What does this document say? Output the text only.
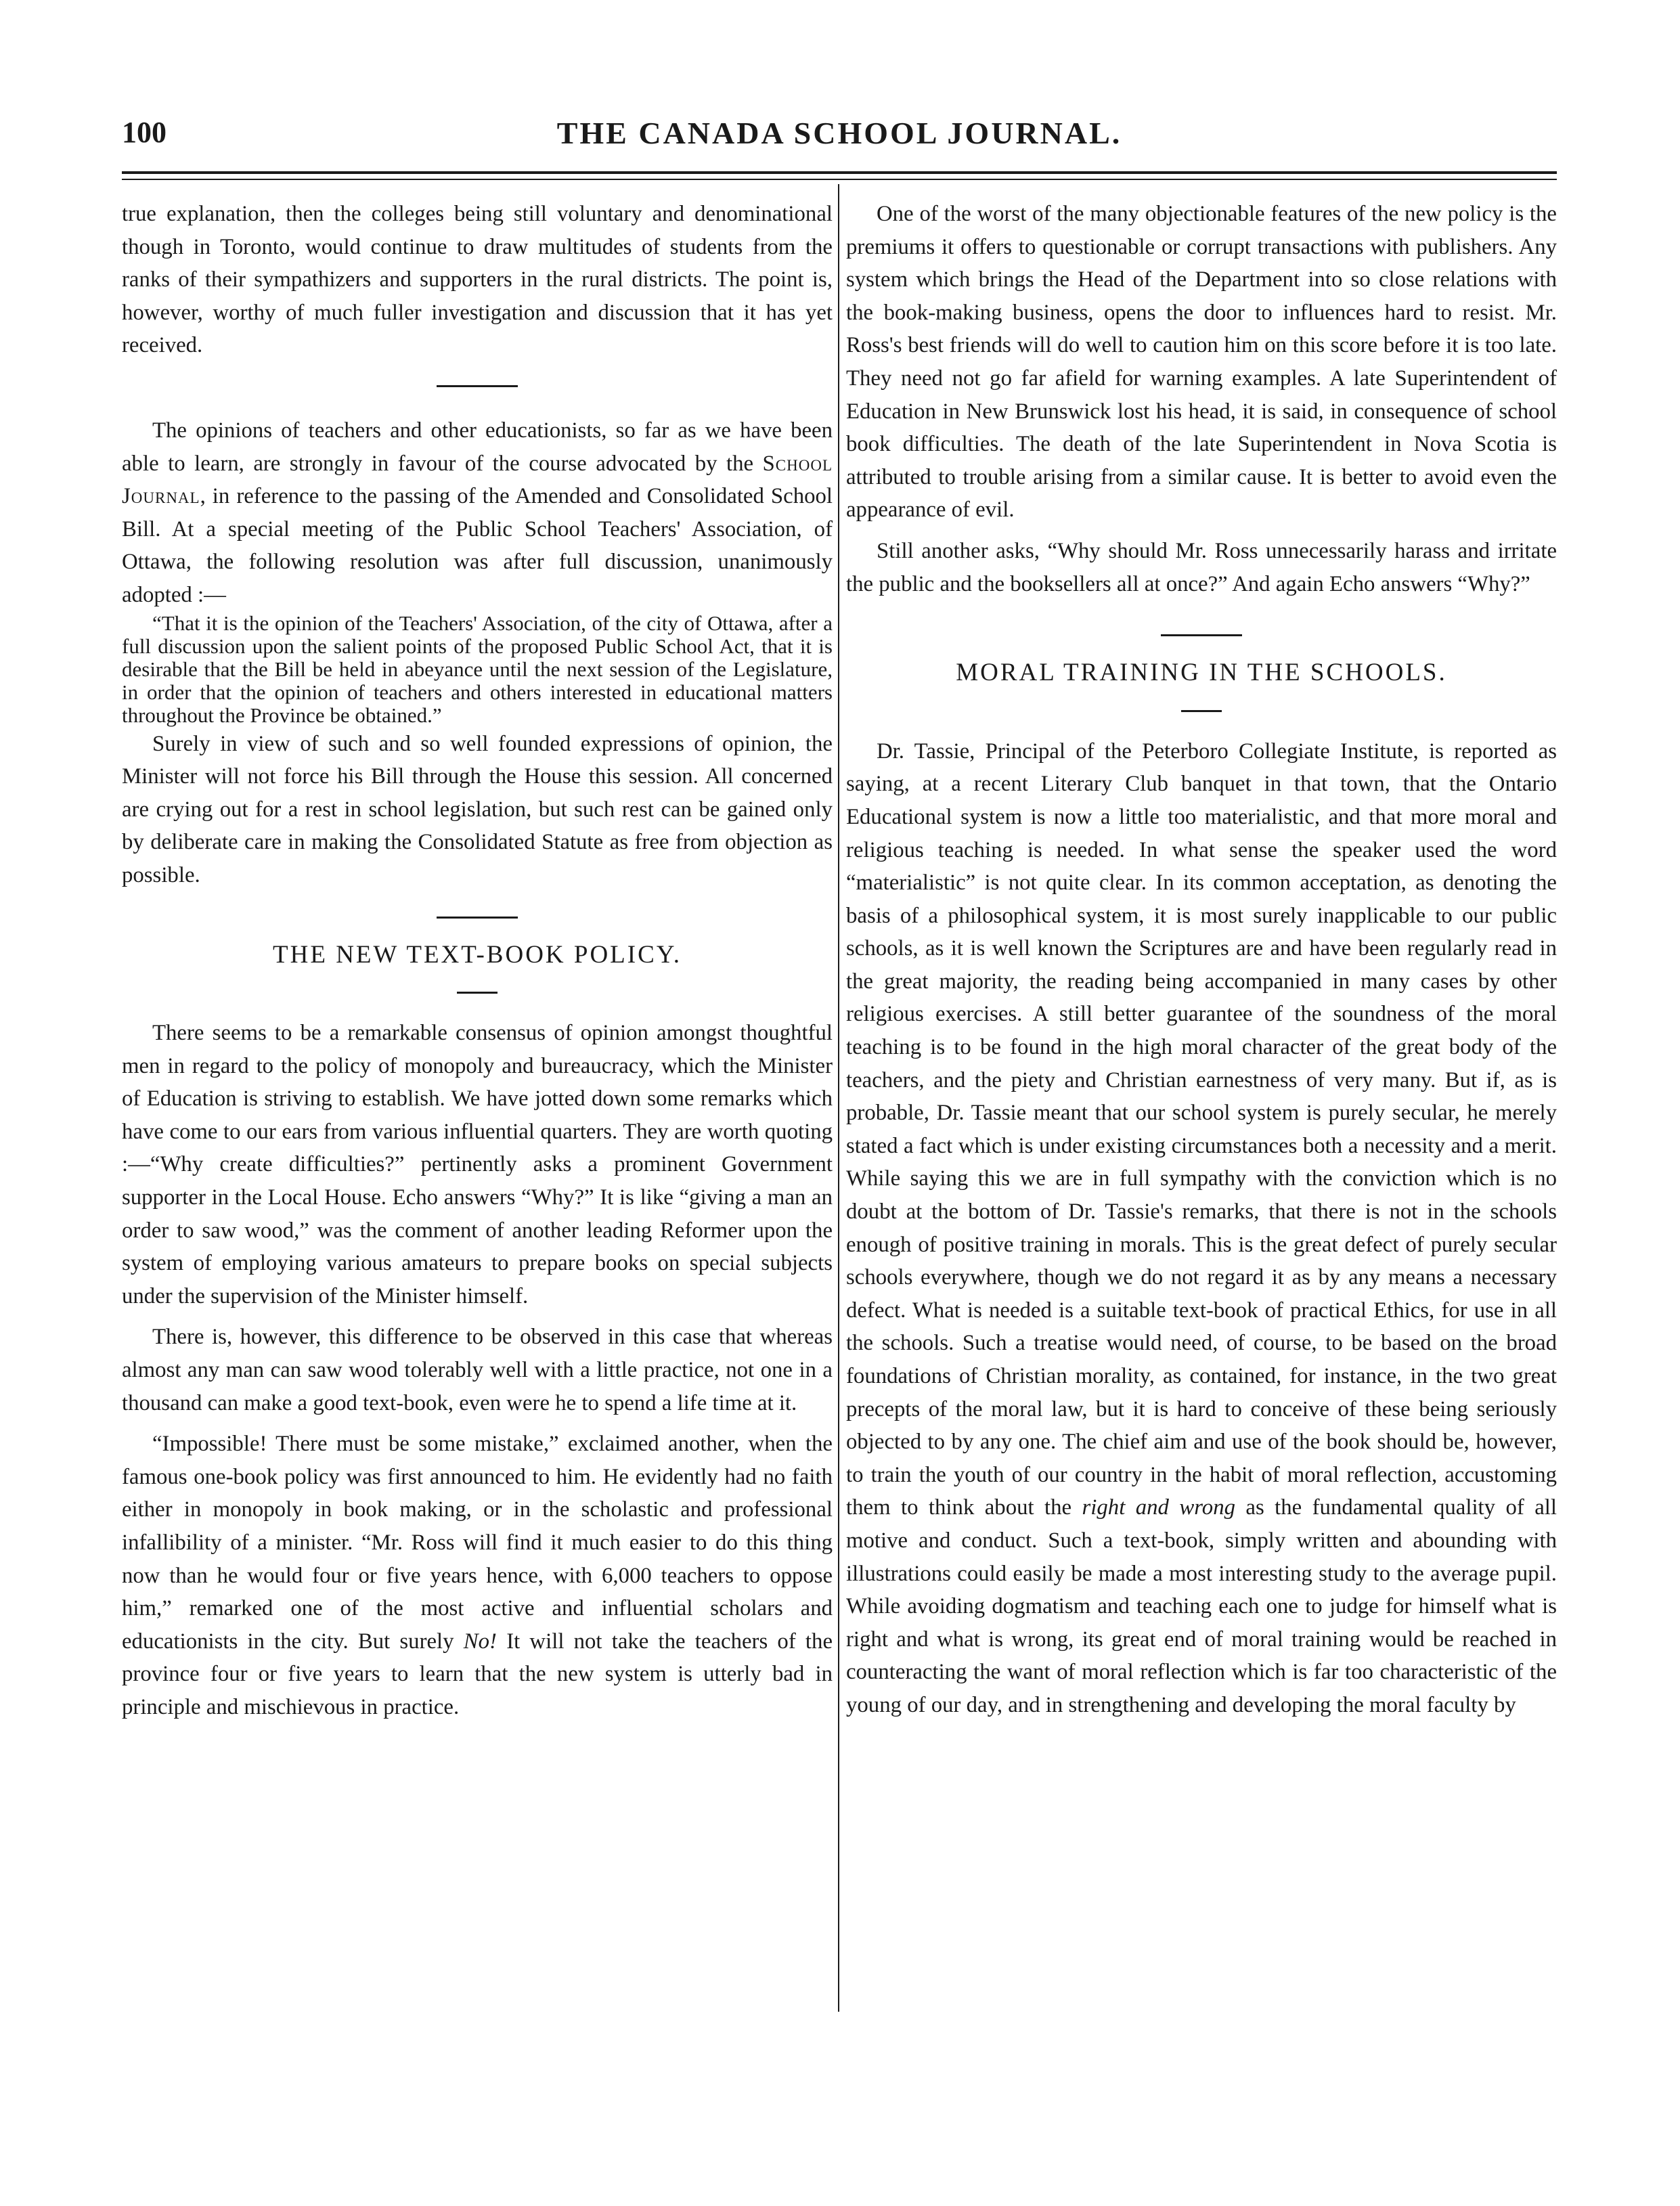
100	THE CANADA SCHOOL JOURNAL.

true explanation, then the colleges being still voluntary and denominational though in Toronto, would continue to draw multitudes of students from the ranks of their sympathizers and supporters in the rural districts. The point is, however, worthy of much fuller investigation and discussion that it has yet received.

The opinions of teachers and other educationists, so far as we have been able to learn, are strongly in favour of the course advocated by the School Journal, in reference to the passing of the Amended and Consolidated School Bill. At a special meeting of the Public School Teachers' Association, of Ottawa, the following resolution was after full discussion, unanimously adopted :—

“That it is the opinion of the Teachers' Association, of the city of Ottawa, after a full discussion upon the salient points of the proposed Public School Act, that it is desirable that the Bill be held in abeyance until the next session of the Legislature, in order that the opinion of teachers and others interested in educational matters throughout the Province be obtained.”

Surely in view of such and so well founded expressions of opinion, the Minister will not force his Bill through the House this session. All concerned are crying out for a rest in school legislation, but such rest can be gained only by deliberate care in making the Consolidated Statute as free from objection as possible.

THE NEW TEXT-BOOK POLICY.

There seems to be a remarkable consensus of opinion amongst thoughtful men in regard to the policy of monopoly and bureaucracy, which the Minister of Education is striving to establish. We have jotted down some remarks which have come to our ears from various influential quarters. They are worth quoting :—“Why create difficulties?” pertinently asks a prominent Government supporter in the Local House. Echo answers “Why?” It is like “giving a man an order to saw wood,” was the comment of another leading Reformer upon the system of employing various amateurs to prepare books on special subjects under the supervision of the Minister himself.

There is, however, this difference to be observed in this case that whereas almost any man can saw wood tolerably well with a little practice, not one in a thousand can make a good text-book, even were he to spend a life time at it.

“Impossible! There must be some mistake,” exclaimed another, when the famous one-book policy was first announced to him. He evidently had no faith either in monopoly in book making, or in the scholastic and professional infallibility of a minister. “Mr. Ross will find it much easier to do this thing now than he would four or five years hence, with 6,000 teachers to oppose him,” remarked one of the most active and influential scholars and educationists in the city. But surely No! It will not take the teachers of the province four or five years to learn that the new system is utterly bad in principle and mischievous in practice.

One of the worst of the many objectionable features of the new policy is the premiums it offers to questionable or corrupt transactions with publishers. Any system which brings the Head of the Department into so close relations with the book-making business, opens the door to influences hard to resist. Mr. Ross's best friends will do well to caution him on this score before it is too late. They need not go far afield for warning examples. A late Superintendent of Education in New Brunswick lost his head, it is said, in consequence of school book difficulties. The death of the late Superintendent in Nova Scotia is attributed to trouble arising from a similar cause. It is better to avoid even the appearance of evil.

Still another asks, “Why should Mr. Ross unnecessarily harass and irritate the public and the booksellers all at once?” And again Echo answers “Why?”

MORAL TRAINING IN THE SCHOOLS.

Dr. Tassie, Principal of the Peterboro Collegiate Institute, is reported as saying, at a recent Literary Club banquet in that town, that the Ontario Educational system is now a little too materialistic, and that more moral and religious teaching is needed. In what sense the speaker used the word “materialistic” is not quite clear. In its common acceptation, as denoting the basis of a philosophical system, it is most surely inapplicable to our public schools, as it is well known the Scriptures are and have been regularly read in the great majority, the reading being accompanied in many cases by other religious exercises. A still better guarantee of the soundness of the moral teaching is to be found in the high moral character of the great body of the teachers, and the piety and Christian earnestness of very many. But if, as is probable, Dr. Tassie meant that our school system is purely secular, he merely stated a fact which is under existing circumstances both a necessity and a merit. While saying this we are in full sympathy with the conviction which is no doubt at the bottom of Dr. Tassie's remarks, that there is not in the schools enough of positive training in morals. This is the great defect of purely secular schools everywhere, though we do not regard it as by any means a necessary defect. What is needed is a suitable text-book of practical Ethics, for use in all the schools. Such a treatise would need, of course, to be based on the broad foundations of Christian morality, as contained, for instance, in the two great precepts of the moral law, but it is hard to conceive of these being seriously objected to by any one. The chief aim and use of the book should be, however, to train the youth of our country in the habit of moral reflection, accustoming them to think about the right and wrong as the fundamental quality of all motive and conduct. Such a text-book, simply written and abounding with illustrations could easily be made a most interesting study to the average pupil. While avoiding dogmatism and teaching each one to judge for himself what is right and what is wrong, its great end of moral training would be reached in counteracting the want of moral reflection which is far too characteristic of the young of our day, and in strengthening and developing the moral faculty by
